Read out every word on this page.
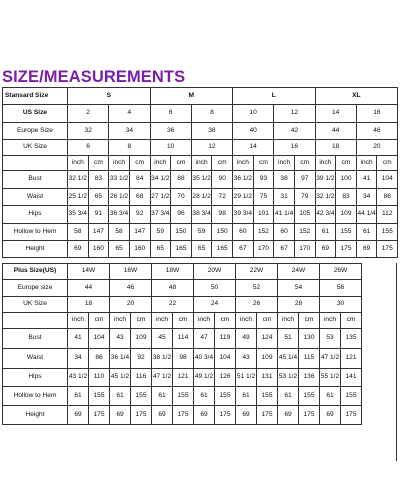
SIZE/MEASUREMENTS
Stansard Size	S				M				L				XL			
US Size	2		4		6		8		10		12		14		16	
Europe Size	32		34		36		38		40		42		44		46	
UK Size	6		8		10		12		14		16		18		20	
	inch	cm	inch	cm	inch	cm	inch	cm	inch	cm	inch	cm	inch	cm	inch	cm
Bust	32 1/2	83	33 1/2	84	34 1/2	88	35 1/2	90	36 1/2	93	38	97	39 1/2	100	41	104
Waist	25 1/2	65	26 1/2	68	27 1/2	70	28 1/2	72	29 1/2	75	31	79	32 1/2	83	34	86
Hips	35 3/4	91	36 3/4	92	37 3/4	96	38 3/4	98	39 3/4	101	41 1/4	105	42 3/4	109	44 1/4	112
Hollow to Hem	58	147	58	147	59	150	59	150	60	152	60	152	61	155	61	155
Height	69	160	65	160	65	165	65	165	67	170	67	170	69	175	69	175
Plus Size(US)	14W		16W		18W		20W		22W		24W		26W	
Europe size	44		46		48		50		52		54		56	
UK Size	18		20		22		24		26		28		30	
	inch	cm	inch	cm	inch	cm	inch	cm	inch	cm	inch	cm	inch	cm
Bust	41	104	43	109	45	114	47	119	49	124	51	130	53	135
Waist	34	86	36 1/4	92	38 1/2	98	40 3/4	104	43	109	45 1/4	115	47 1/2	121
Hips	43 1/2	110	45 1/2	116	47 1/2	121	49 1/2	126	51 1/2	131	53 1/2	136	55 1/2	141
Hollow to Hem	61	155	61	155	61	155	61	155	61	155	61	155	61	155
Height	69	175	69	175	69	175	69	175	69	175	69	175	69	175
